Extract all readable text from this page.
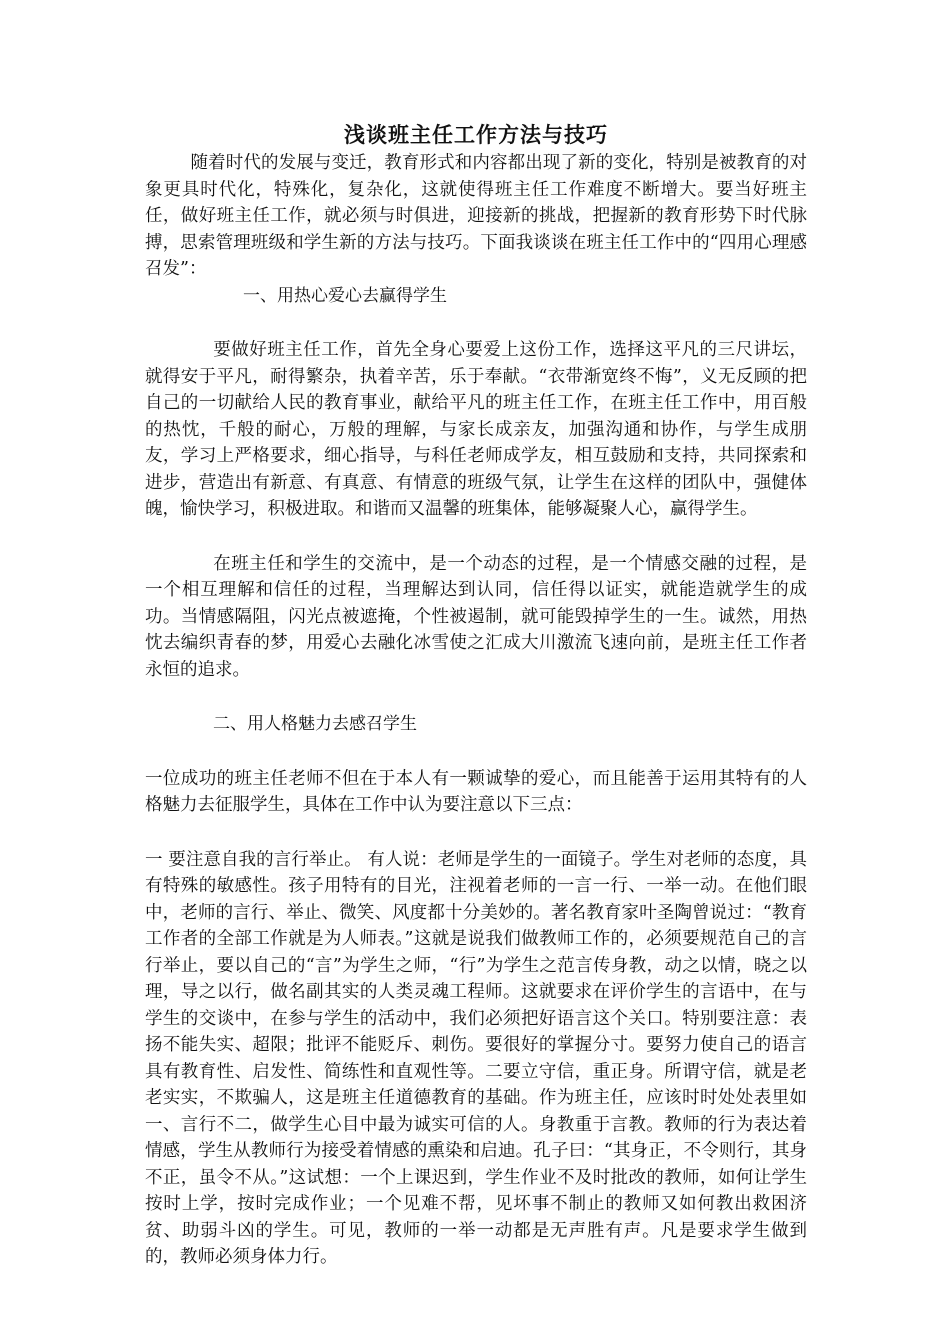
浅谈班主任工作方法与技巧

随着时代的发展与变迁，教育形式和内容都出现了新的变化，特别是被教育的对象更具时代化，特殊化，复杂化，这就使得班主任工作难度不断增大。要当好班主任，做好班主任工作，就必须与时俱进，迎接新的挑战，把握新的教育形势下时代脉搏，思索管理班级和学生新的方法与技巧。下面我谈谈在班主任工作中的“四用心理感召发”：

一、用热心爱心去赢得学生

要做好班主任工作，首先全身心要爱上这份工作，选择这平凡的三尺讲坛，就得安于平凡，耐得繁杂，执着辛苦，乐于奉献。“衣带渐宽终不悔”，义无反顾的把自己的一切献给人民的教育事业，献给平凡的班主任工作，在班主任工作中，用百般的热忱，千般的耐心，万般的理解，与家长成亲友，加强沟通和协作，与学生成朋友，学习上严格要求，细心指导，与科任老师成学友，相互鼓励和支持，共同探索和进步，营造出有新意、有真意、有情意的班级气氛，让学生在这样的团队中，强健体魄，愉快学习，积极进取。和谐而又温馨的班集体，能够凝聚人心，赢得学生。

在班主任和学生的交流中，是一个动态的过程，是一个情感交融的过程，是一个相互理解和信任的过程，当理解达到认同，信任得以证实，就能造就学生的成功。当情感隔阻，闪光点被遮掩，个性被遏制，就可能毁掉学生的一生。诚然，用热忱去编织青春的梦，用爱心去融化冰雪使之汇成大川激流飞速向前，是班主任工作者永恒的追求。

二、用人格魅力去感召学生

一位成功的班主任老师不但在于本人有一颗诚挚的爱心，而且能善于运用其特有的人格魅力去征服学生，具体在工作中认为要注意以下三点：

一 要注意自我的言行举止。 有人说：老师是学生的一面镜子。学生对老师的态度，具有特殊的敏感性。孩子用特有的目光，注视着老师的一言一行、一举一动。在他们眼中，老师的言行、举止、微笑、风度都十分美妙的。著名教育家叶圣陶曾说过：“教育工作者的全部工作就是为人师表。”这就是说我们做教师工作的，必须要规范自己的言行举止，要以自己的“言”为学生之师，“行”为学生之范言传身教，动之以情，晓之以理，导之以行，做名副其实的人类灵魂工程师。这就要求在评价学生的言语中，在与学生的交谈中，在参与学生的活动中，我们必须把好语言这个关口。特别要注意：表扬不能失实、超限；批评不能贬斥、刺伤。要很好的掌握分寸。要努力使自己的语言具有教育性、启发性、简练性和直观性等。二要立守信，重正身。所谓守信，就是老老实实，不欺骗人，这是班主任道德教育的基础。作为班主任，应该时时处处表里如一、言行不二，做学生心目中最为诚实可信的人。身教重于言教。教师的行为表达着情感，学生从教师行为接受着情感的熏染和启迪。孔子曰：“其身正，不令则行，其身不正，虽令不从。”这试想：一个上课迟到，学生作业不及时批改的教师，如何让学生按时上学，按时完成作业；一个见难不帮，见坏事不制止的教师又如何教出救困济贫、助弱斗凶的学生。可见，教师的一举一动都是无声胜有声。凡是要求学生做到的，教师必须身体力行。
